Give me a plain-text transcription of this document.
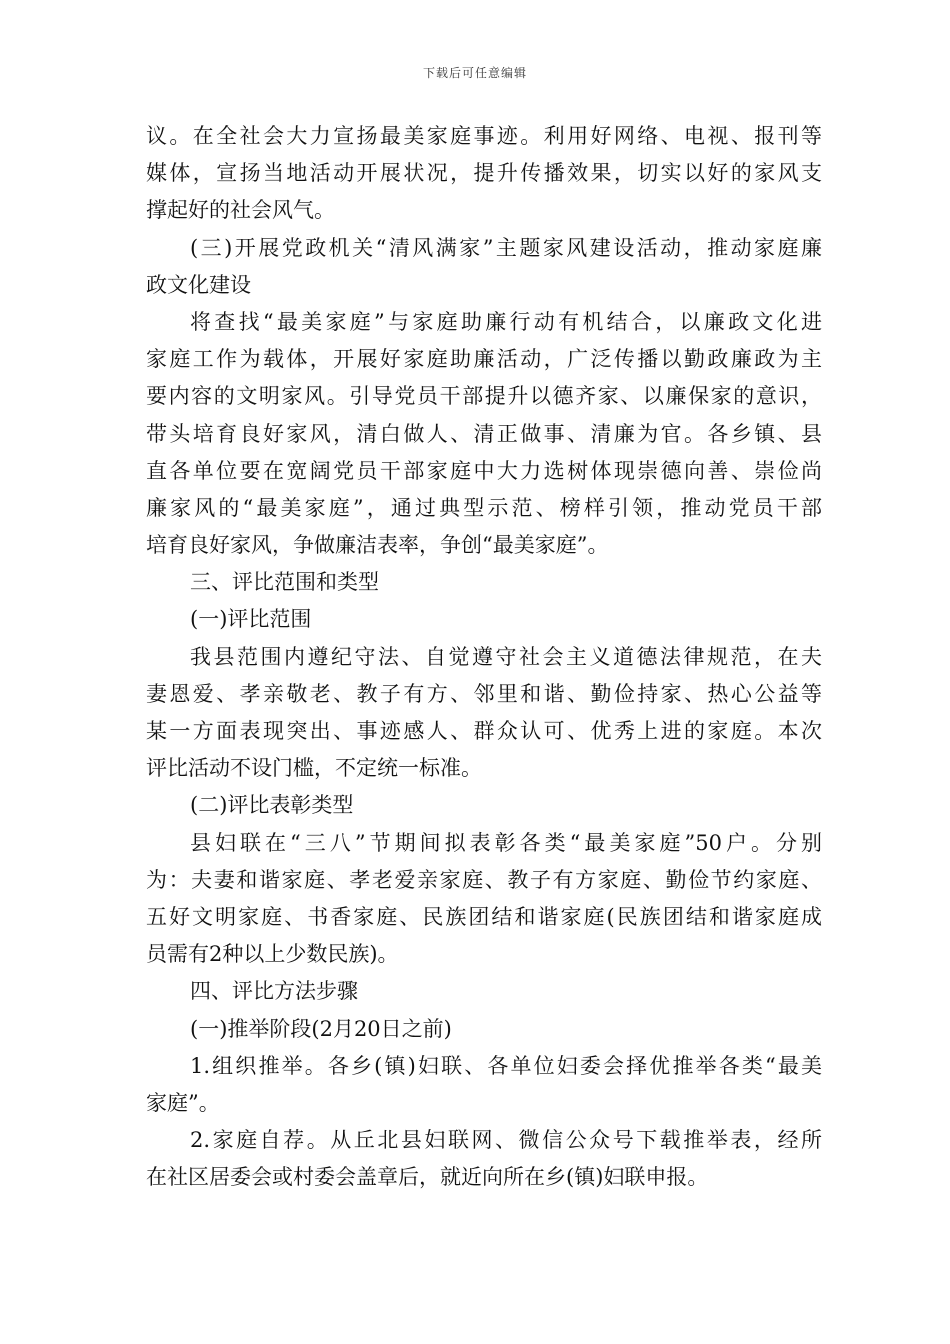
下载后可任意编辑
议。在全社会大力宣扬最美家庭事迹。利用好网络、电视、报刊等
媒体，宣扬当地活动开展状况，提升传播效果，切实以好的家风支
撑起好的社会风气。
(三)开展党政机关“清风满家”主题家风建设活动，推动家庭廉
政文化建设
将查找“最美家庭”与家庭助廉行动有机结合，以廉政文化进
家庭工作为载体，开展好家庭助廉活动，广泛传播以勤政廉政为主
要内容的文明家风。引导党员干部提升以德齐家、以廉保家的意识，
带头培育良好家风，清白做人、清正做事、清廉为官。各乡镇、县
直各单位要在宽阔党员干部家庭中大力选树体现崇德向善、崇俭尚
廉家风的“最美家庭”，通过典型示范、榜样引领，推动党员干部
培育良好家风，争做廉洁表率，争创“最美家庭”。
三、评比范围和类型
(一)评比范围
我县范围内遵纪守法、自觉遵守社会主义道德法律规范，在夫
妻恩爱、孝亲敬老、教子有方、邻里和谐、勤俭持家、热心公益等
某一方面表现突出、事迹感人、群众认可、优秀上进的家庭。本次
评比活动不设门槛，不定统一标准。
(二)评比表彰类型
县妇联在“三八”节期间拟表彰各类“最美家庭”50户。分别
为：夫妻和谐家庭、孝老爱亲家庭、教子有方家庭、勤俭节约家庭、
五好文明家庭、书香家庭、民族团结和谐家庭(民族团结和谐家庭成
员需有2种以上少数民族)。
四、评比方法步骤
(一)推举阶段(2月20日之前)
1.组织推举。各乡(镇)妇联、各单位妇委会择优推举各类“最美
家庭”。
2.家庭自荐。从丘北县妇联网、微信公众号下载推举表，经所
在社区居委会或村委会盖章后，就近向所在乡(镇)妇联申报。
